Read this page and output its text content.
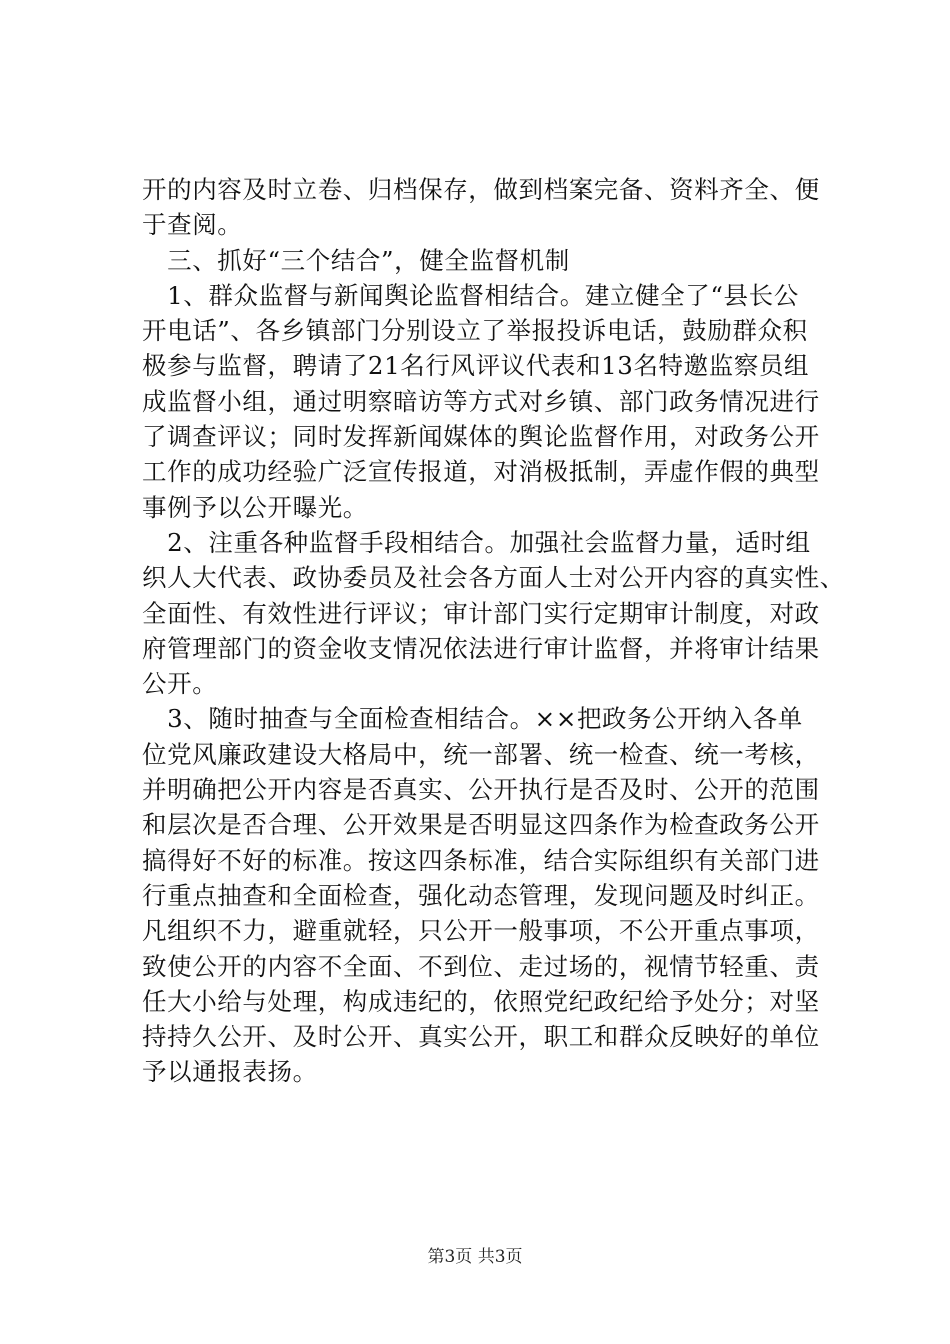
开的内容及时立卷、归档保存，做到档案完备、资料齐全、便
于查阅。
　三、抓好“三个结合”，健全监督机制
　1、群众监督与新闻舆论监督相结合。建立健全了“县长公
开电话”、各乡镇部门分别设立了举报投诉电话，鼓励群众积
极参与监督，聘请了21名行风评议代表和13名特邀监察员组
成监督小组，通过明察暗访等方式对乡镇、部门政务情况进行
了调查评议；同时发挥新闻媒体的舆论监督作用，对政务公开
工作的成功经验广泛宣传报道，对消极抵制，弄虚作假的典型
事例予以公开曝光。
　2、注重各种监督手段相结合。加强社会监督力量，适时组
织人大代表、政协委员及社会各方面人士对公开内容的真实性、
全面性、有效性进行评议；审计部门实行定期审计制度，对政
府管理部门的资金收支情况依法进行审计监督，并将审计结果
公开。
　3、随时抽查与全面检查相结合。××把政务公开纳入各单
位党风廉政建设大格局中，统一部署、统一检查、统一考核，
并明确把公开内容是否真实、公开执行是否及时、公开的范围
和层次是否合理、公开效果是否明显这四条作为检查政务公开
搞得好不好的标准。按这四条标准，结合实际组织有关部门进
行重点抽查和全面检查，强化动态管理，发现问题及时纠正。
凡组织不力，避重就轻，只公开一般事项，不公开重点事项，
致使公开的内容不全面、不到位、走过场的，视情节轻重、责
任大小给与处理，构成违纪的，依照党纪政纪给予处分；对坚
持持久公开、及时公开、真实公开，职工和群众反映好的单位
予以通报表扬。
第3页 共3页
